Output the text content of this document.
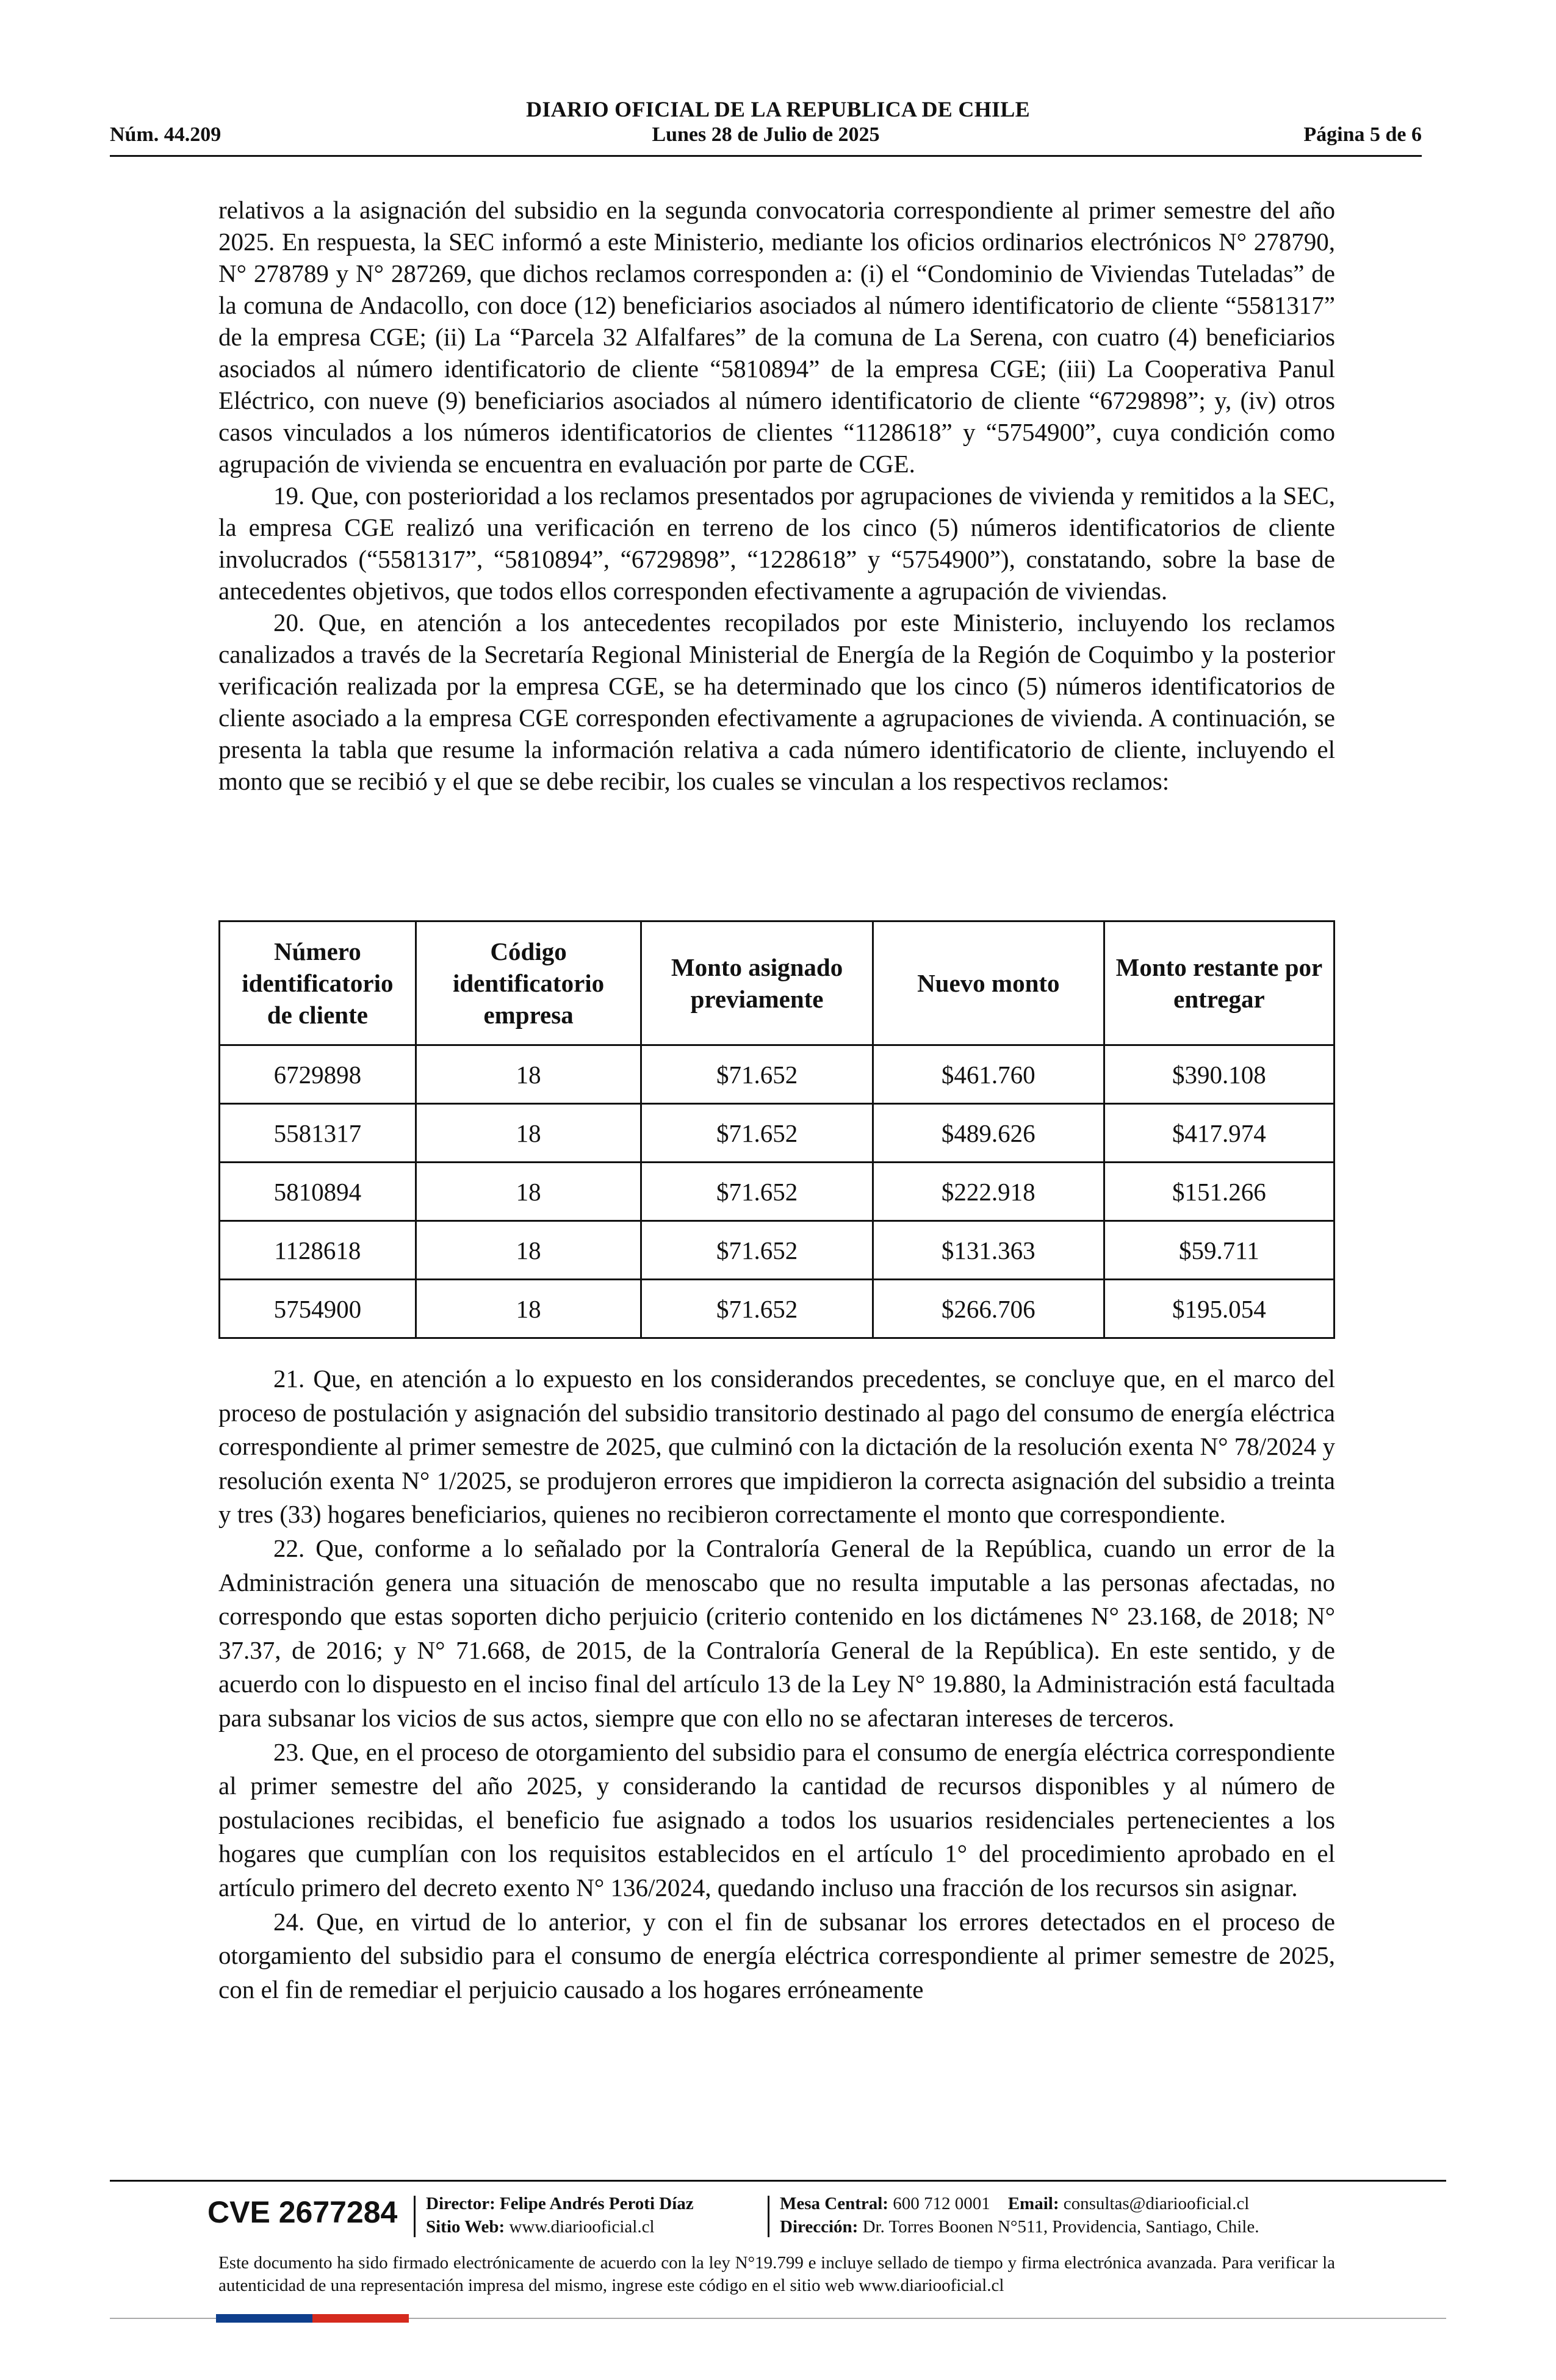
DIARIO OFICIAL DE LA REPUBLICA DE CHILE
Núm. 44.209	Lunes 28 de Julio de 2025	Página 5 de 6

relativos a la asignación del subsidio en la segunda convocatoria correspondiente al primer semestre del año 2025. En respuesta, la SEC informó a este Ministerio, mediante los oficios ordinarios electrónicos N° 278790, N° 278789 y N° 287269, que dichos reclamos corresponden a: (i) el “Condominio de Viviendas Tuteladas” de la comuna de Andacollo, con doce (12) beneficiarios asociados al número identificatorio de cliente “5581317” de la empresa CGE; (ii) La “Parcela 32 Alfalfares” de la comuna de La Serena, con cuatro (4) beneficiarios asociados al número identificatorio de cliente “5810894” de la empresa CGE; (iii) La Cooperativa Panul Eléctrico, con nueve (9) beneficiarios asociados al número identificatorio de cliente “6729898”; y, (iv) otros casos vinculados a los números identificatorios de clientes “1128618” y “5754900”, cuya condición como agrupación de vivienda se encuentra en evaluación por parte de CGE.

19. Que, con posterioridad a los reclamos presentados por agrupaciones de vivienda y remitidos a la SEC, la empresa CGE realizó una verificación en terreno de los cinco (5) números identificatorios de cliente involucrados (“5581317”, “5810894”, “6729898”, “1228618” y “5754900”), constatando, sobre la base de antecedentes objetivos, que todos ellos corresponden efectivamente a agrupación de viviendas.

20. Que, en atención a los antecedentes recopilados por este Ministerio, incluyendo los reclamos canalizados a través de la Secretaría Regional Ministerial de Energía de la Región de Coquimbo y la posterior verificación realizada por la empresa CGE, se ha determinado que los cinco (5) números identificatorios de cliente asociado a la empresa CGE corresponden efectivamente a agrupaciones de vivienda. A continuación, se presenta la tabla que resume la información relativa a cada número identificatorio de cliente, incluyendo el monto que se recibió y el que se debe recibir, los cuales se vinculan a los respectivos reclamos:

Número identificatorio de cliente	Código identificatorio empresa	Monto asignado previamente	Nuevo monto	Monto restante por entregar
6729898	18	$71.652	$461.760	$390.108
5581317	18	$71.652	$489.626	$417.974
5810894	18	$71.652	$222.918	$151.266
1128618	18	$71.652	$131.363	$59.711
5754900	18	$71.652	$266.706	$195.054

21. Que, en atención a lo expuesto en los considerandos precedentes, se concluye que, en el marco del proceso de postulación y asignación del subsidio transitorio destinado al pago del consumo de energía eléctrica correspondiente al primer semestre de 2025, que culminó con la dictación de la resolución exenta N° 78/2024 y resolución exenta N° 1/2025, se produjeron errores que impidieron la correcta asignación del subsidio a treinta y tres (33) hogares beneficiarios, quienes no recibieron correctamente el monto que correspondiente.

22. Que, conforme a lo señalado por la Contraloría General de la República, cuando un error de la Administración genera una situación de menoscabo que no resulta imputable a las personas afectadas, no correspondo que estas soporten dicho perjuicio (criterio contenido en los dictámenes N° 23.168, de 2018; N° 37.37, de 2016; y N° 71.668, de 2015, de la Contraloría General de la República). En este sentido, y de acuerdo con lo dispuesto en el inciso final del artículo 13 de la Ley N° 19.880, la Administración está facultada para subsanar los vicios de sus actos, siempre que con ello no se afectaran intereses de terceros.

23. Que, en el proceso de otorgamiento del subsidio para el consumo de energía eléctrica correspondiente al primer semestre del año 2025, y considerando la cantidad de recursos disponibles y al número de postulaciones recibidas, el beneficio fue asignado a todos los usuarios residenciales pertenecientes a los hogares que cumplían con los requisitos establecidos en el artículo 1° del procedimiento aprobado en el artículo primero del decreto exento N° 136/2024, quedando incluso una fracción de los recursos sin asignar.

24. Que, en virtud de lo anterior, y con el fin de subsanar los errores detectados en el proceso de otorgamiento del subsidio para el consumo de energía eléctrica correspondiente al primer semestre de 2025, con el fin de remediar el perjuicio causado a los hogares erróneamente

CVE 2677284 Director: Felipe Andrés Peroti Díaz
Sitio Web: www.diariooficial.cl
Mesa Central: 600 712 0001 Email: consultas@diariooficial.cl
Dirección: Dr. Torres Boonen N°511, Providencia, Santiago, Chile.
Este documento ha sido firmado electrónicamente de acuerdo con la ley N°19.799 e incluye sellado de tiempo y firma electrónica avanzada. Para verificar la autenticidad de una representación impresa del mismo, ingrese este código en el sitio web www.diariooficial.cl
